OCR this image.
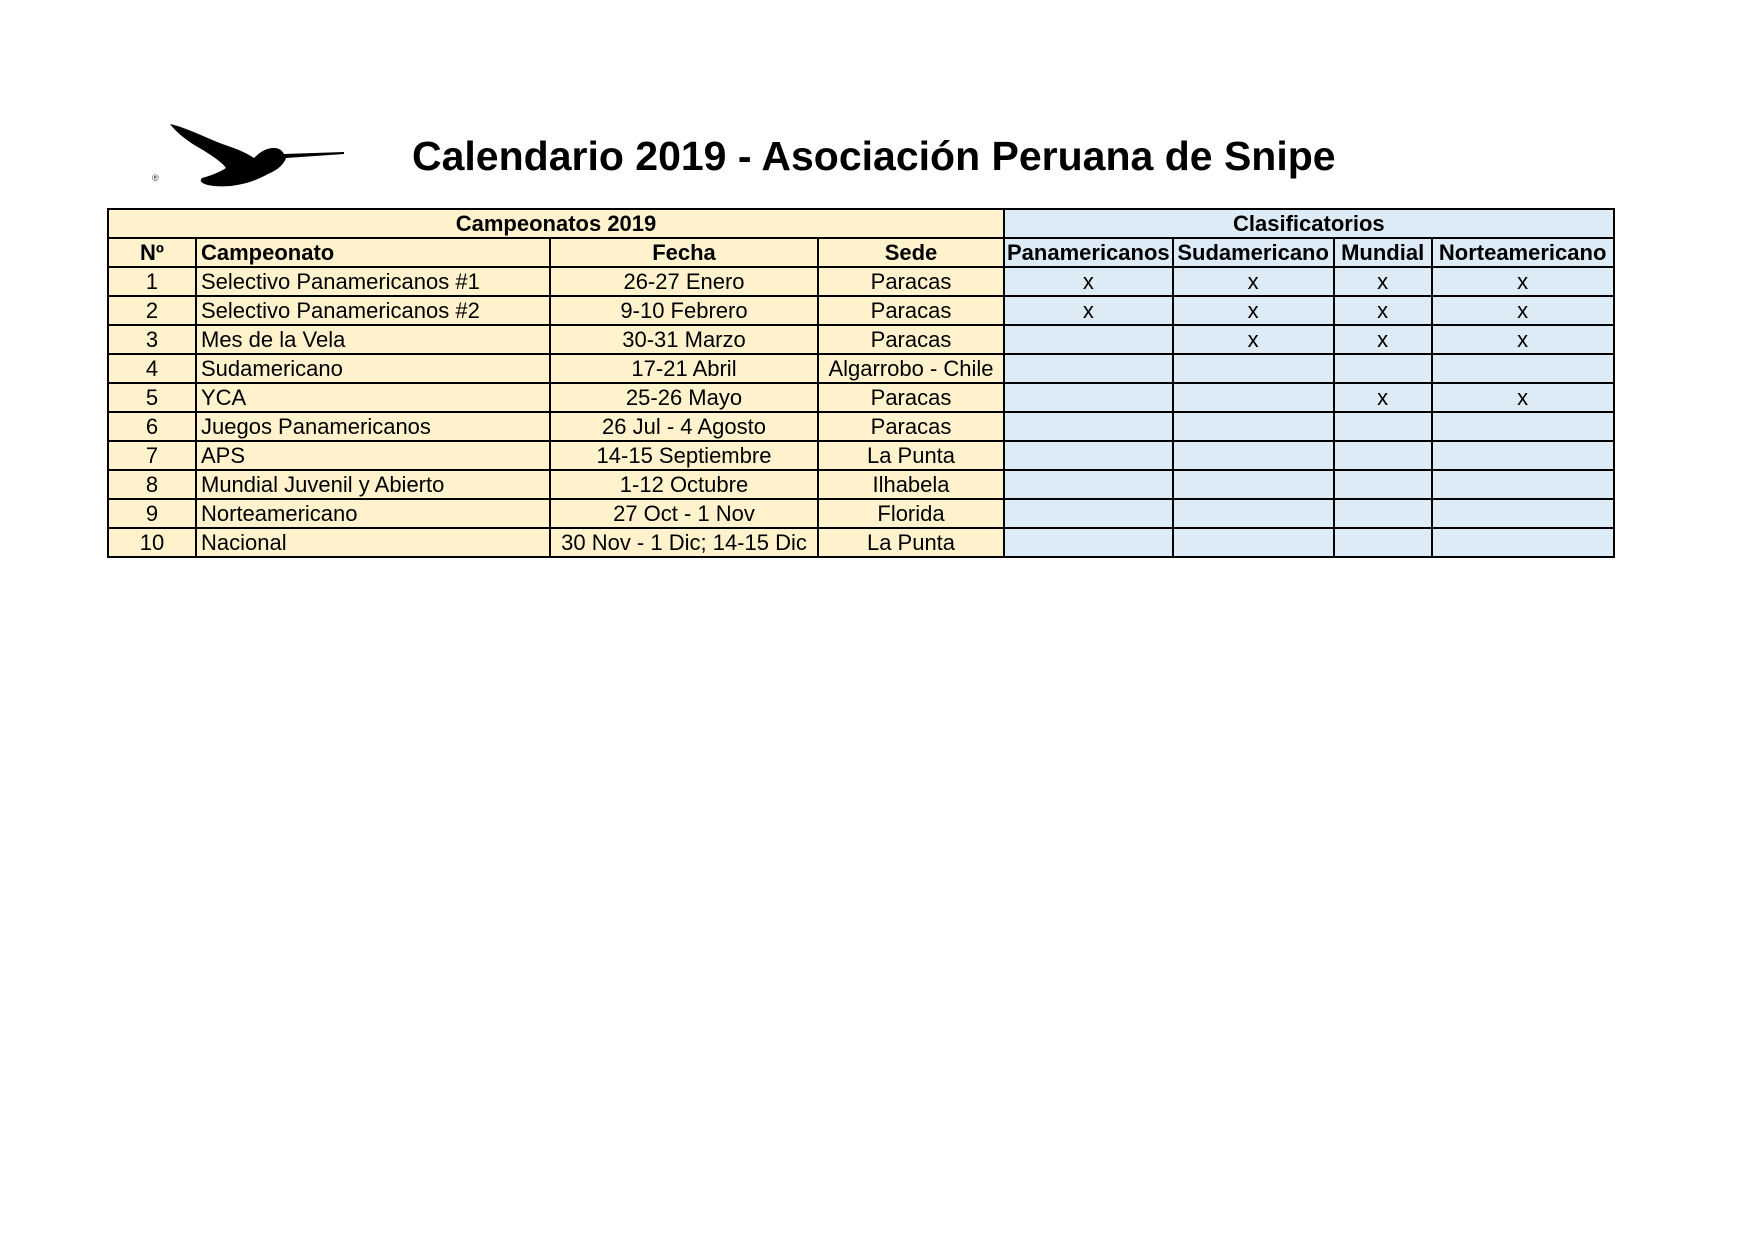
®	Calendario 2019 - Asociación Peruana de Snipe
Campeonatos 2019				Clasificatorios			
Nº	Campeonato	Fecha	Sede	Panamericanos	Sudamericano	Mundial	Norteamericano
1	Selectivo Panamericanos #1	26-27 Enero	Paracas	x	x	x	x
2	Selectivo Panamericanos #2	9-10 Febrero	Paracas	x	x	x	x
3	Mes de la Vela	30-31 Marzo	Paracas		x	x	x
4	Sudamericano	17-21 Abril	Algarrobo - Chile				
5	YCA	25-26 Mayo	Paracas			x	x
6	Juegos Panamericanos	26 Jul - 4 Agosto	Paracas				
7	APS	14-15 Septiembre	La Punta				
8	Mundial Juvenil y Abierto	1-12 Octubre	Ilhabela				
9	Norteamericano	27 Oct - 1 Nov	Florida				
10	Nacional	30 Nov - 1 Dic; 14-15 Dic	La Punta				
